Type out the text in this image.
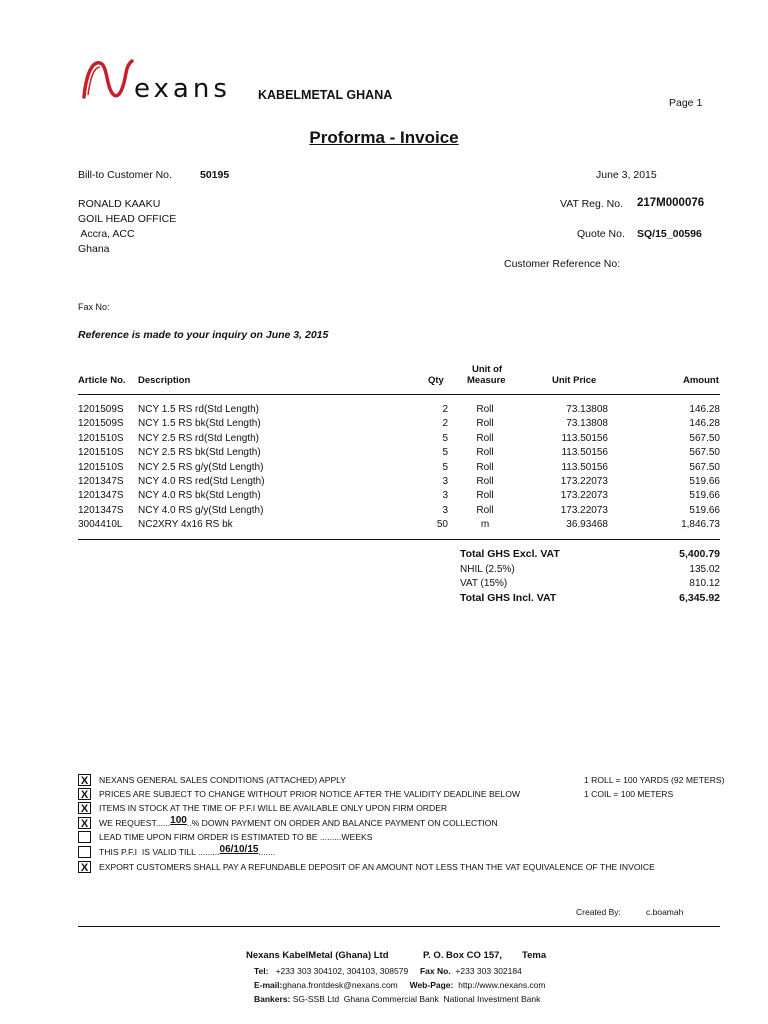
exans KABELMETAL GHANA
Page 1
Proforma - Invoice
Bill-to Customer No.	50195
RONALD KAAKU
GOIL HEAD OFFICE
Accra, ACC
Ghana
Fax No:
June 3, 2015
VAT Reg. No. 217M000076
Quote No. SQ/15_00596
Customer Reference No:
Reference is made to your inquiry on June 3, 2015
Article No. Description	Qty
Unit of
Measure	Unit Price	Amount
1201509S	NCY 1.5 RS rd(Std Length)	2	Roll	73.13808	146.28
1201509S	NCY 1.5 RS bk(Std Length)	2	Roll	73.13808	146.28
1201510S	NCY 2.5 RS rd(Std Length)	5	Roll	113.50156	567.50
1201510S	NCY 2.5 RS bk(Std Length)	5	Roll	113.50156	567.50
1201510S	NCY 2.5 RS g/y(Std Length)	5	Roll	113.50156	567.50
1201347S	NCY 4.0 RS red(Std Length)	3	Roll	173.22073	519.66
1201347S	NCY 4.0 RS bk(Std Length)	3	Roll	173.22073	519.66
1201347S	NCY 4.0 RS g/y(Std Length)	3	Roll	173.22073	519.66
3004410L	NC2XRY 4x16 RS bk	50	m	36.93468	1,846.73
Total GHS Excl. VAT	5,400.79
NHIL (2.5%)	135.02
VAT (15%)	810.12
Total GHS Incl. VAT	6,345.92
X	NEXANS GENERAL SALES CONDITIONS (ATTACHED) APPLY
X	PRICES ARE SUBJECT TO CHANGE WITHOUT PRIOR NOTICE AFTER THE VALIDITY DEADLINE BELOW
X	ITEMS IN STOCK AT THE TIME OF P.F.I WILL BE AVAILABLE ONLY UPON FIRM ORDER
X	WE REQUEST......100..% DOWN PAYMENT ON ORDER AND BALANCE PAYMENT ON COLLECTION
LEAD TIME UPON FIRM ORDER IS ESTIMATED TO BE .........WEEKS
THIS P.F.I  IS VALID TILL .........06/10/15.......
X	EXPORT CUSTOMERS SHALL PAY A REFUNDABLE DEPOSIT OF AN AMOUNT NOT LESS THAN THE VAT EQUIVALENCE OF THE INVOICE
1 ROLL = 100 YARDS (92 METERS)
1 COIL = 100 METERS
Created By:	c.boamah
Nexans KabelMetal (Ghana) Ltd	P. O. Box CO 157, Tema
Tel: +233 303 304102, 304103, 308579 Fax No. +233 303 302184
E-mail:ghana.frontdesk@nexans.com Web-Page: http://www.nexans.com
Bankers: SG-SSB Ltd  Ghana Commercial Bank  National Investment Bank
